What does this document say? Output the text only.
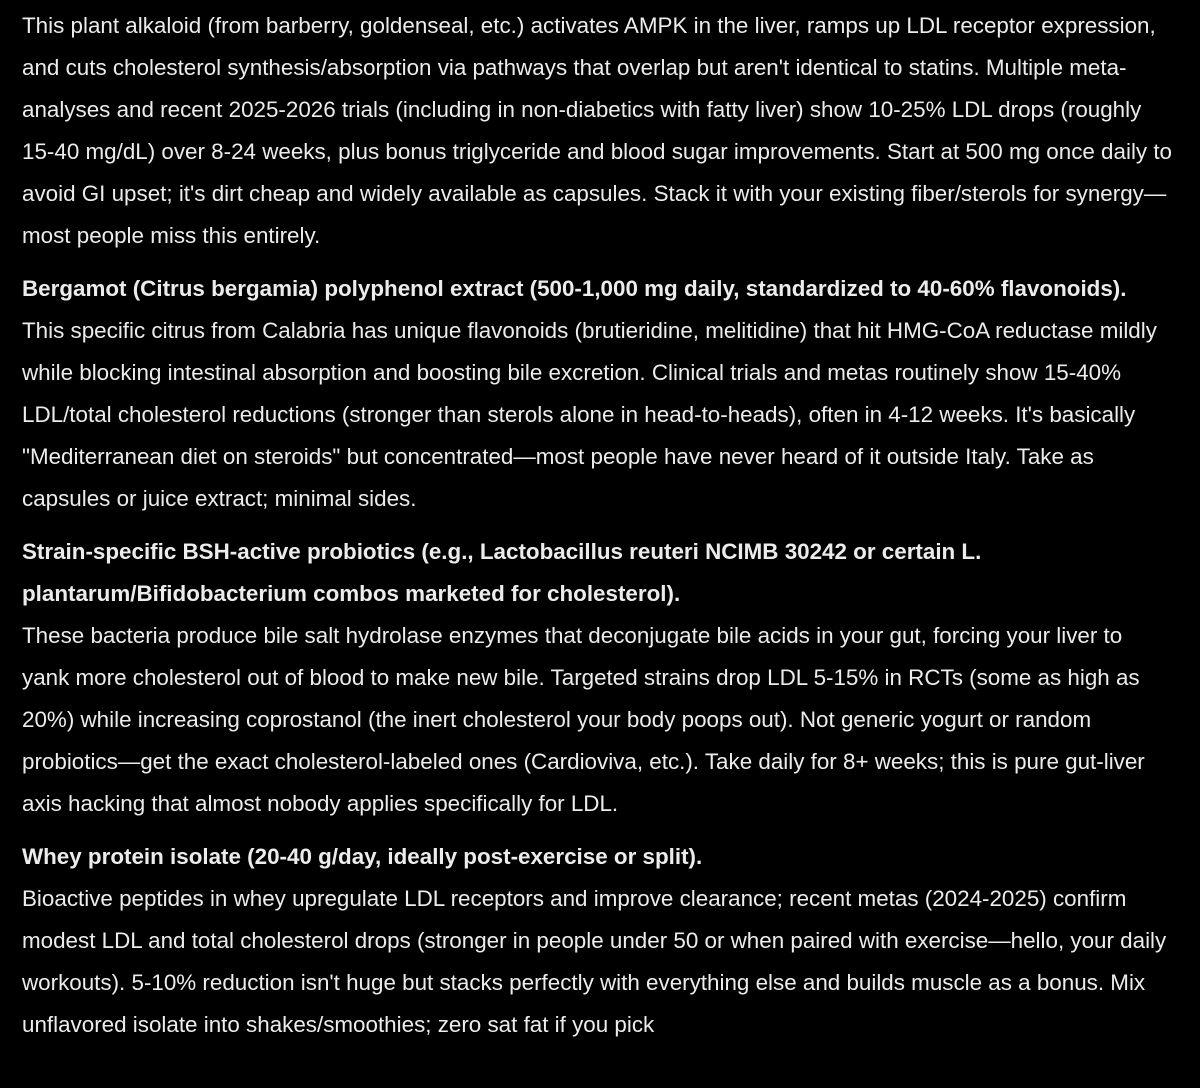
This plant alkaloid (from barberry, goldenseal, etc.) activates AMPK in the liver, ramps up LDL receptor expression, and cuts cholesterol synthesis/absorption via pathways that overlap but aren't identical to statins. Multiple meta-analyses and recent 2025-2026 trials (including in non-diabetics with fatty liver) show 10-25% LDL drops (roughly 15-40 mg/dL) over 8-24 weeks, plus bonus triglyceride and blood sugar improvements. Start at 500 mg once daily to avoid GI upset; it's dirt cheap and widely available as capsules. Stack it with your existing fiber/sterols for synergy—most people miss this entirely.

Bergamot (Citrus bergamia) polyphenol extract (500-1,000 mg daily, standardized to 40-60% flavonoids).

This specific citrus from Calabria has unique flavonoids (brutieridine, melitidine) that hit HMG-CoA reductase mildly while blocking intestinal absorption and boosting bile excretion. Clinical trials and metas routinely show 15-40% LDL/total cholesterol reductions (stronger than sterols alone in head-to-heads), often in 4-12 weeks. It's basically "Mediterranean diet on steroids" but concentrated—most people have never heard of it outside Italy. Take as capsules or juice extract; minimal sides.

Strain-specific BSH-active probiotics (e.g., Lactobacillus reuteri NCIMB 30242 or certain L. plantarum/Bifidobacterium combos marketed for cholesterol).

These bacteria produce bile salt hydrolase enzymes that deconjugate bile acids in your gut, forcing your liver to yank more cholesterol out of blood to make new bile. Targeted strains drop LDL 5-15% in RCTs (some as high as 20%) while increasing coprostanol (the inert cholesterol your body poops out). Not generic yogurt or random probiotics—get the exact cholesterol-labeled ones (Cardioviva, etc.). Take daily for 8+ weeks; this is pure gut-liver axis hacking that almost nobody applies specifically for LDL.

Whey protein isolate (20-40 g/day, ideally post-exercise or split).

Bioactive peptides in whey upregulate LDL receptors and improve clearance; recent metas (2024-2025) confirm modest LDL and total cholesterol drops (stronger in people under 50 or when paired with exercise—hello, your daily workouts). 5-10% reduction isn't huge but stacks perfectly with everything else and builds muscle as a bonus. Mix unflavored isolate into shakes/smoothies; zero sat fat if you pick
